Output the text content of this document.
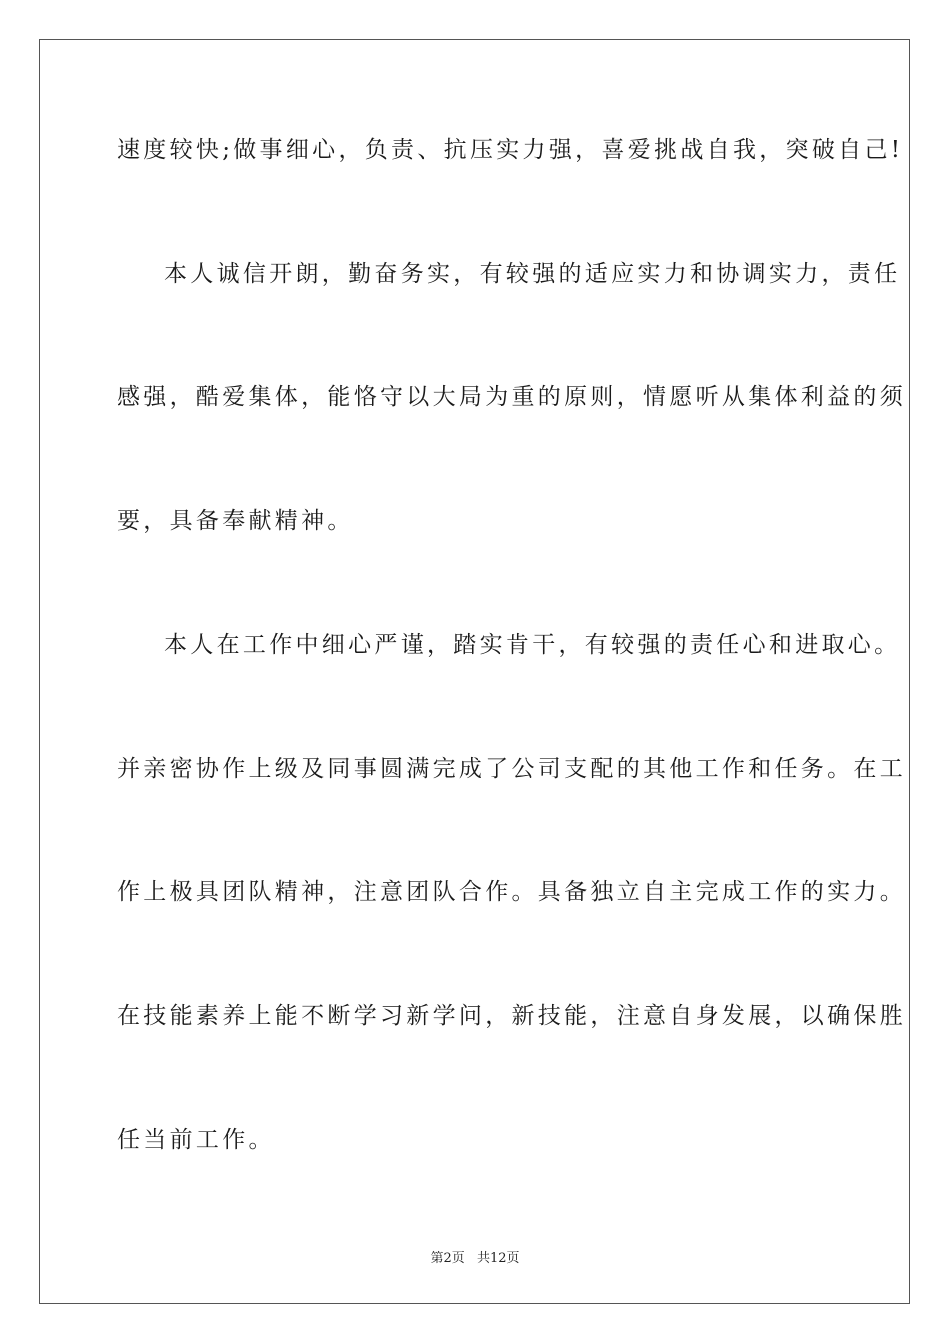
速度较快;做事细心，负责、抗压实力强，喜爱挑战自我，突破自己!
本人诚信开朗，勤奋务实，有较强的适应实力和协调实力，责任
感强，酷爱集体，能恪守以大局为重的原则，情愿听从集体利益的须
要，具备奉献精神。
本人在工作中细心严谨，踏实肯干，有较强的责任心和进取心。
并亲密协作上级及同事圆满完成了公司支配的其他工作和任务。在工
作上极具团队精神，注意团队合作。具备独立自主完成工作的实力。
在技能素养上能不断学习新学问，新技能，注意自身发展，以确保胜
任当前工作。
第2页 共12页
